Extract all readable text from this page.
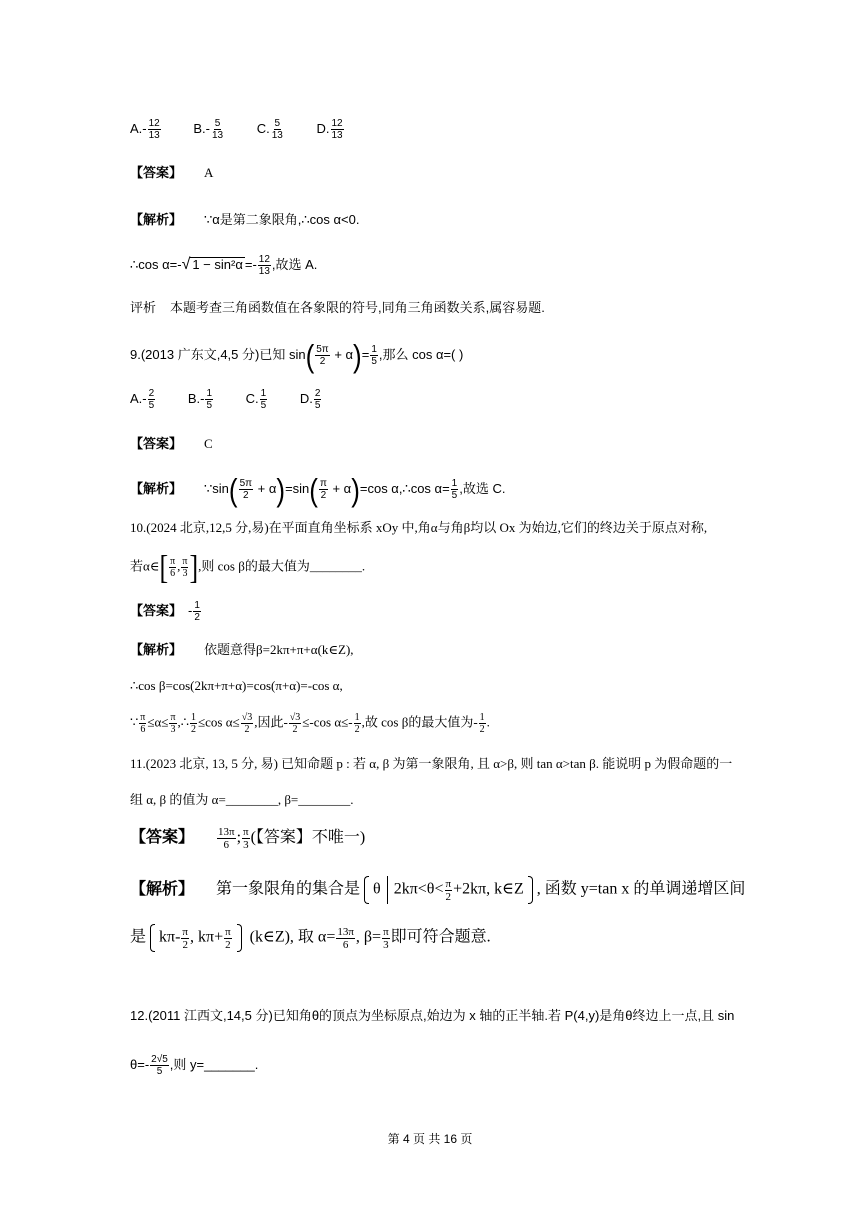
$A.- \frac{12}{13}$	$B.- \frac{5}{13}$	C. $\frac{5}{13}$	D. $\frac{12}{13}$
【答案】 A
【解析】 ∵α是第二象限角,∴cos α<0.
∴cos α=-√ $1 - \sin^2\alpha =- \frac{12}{13}$ ,故选 A.
评析 本题考查三角函数值在各象限的符号,同角三角函数关系,属容易题.
9.(2013 广东文,4,5 分)已知 $\sin( \frac{5\pi}{2} + \alpha)= \frac{1}{5}$ ,那么 cos α=( )
$A.- \frac{2}{5}$	$B.- \frac{1}{5}$	C. $\frac{1}{5}$	D. $\frac{2}{5}$
【答案】 C
【解析】 ∵sin( $\frac{5\pi}{2} + \alpha)=\sin( \frac{\pi}{2} + \alpha)=\cos$ α,∴cos $\alpha= \frac{1}{5}$ ,故选 C.
10.(2024 北京,12,5 分,易)在平面直角坐标系 xOy 中,角α与角β均以 Ox 为始边,它们的终边关于原点对称,
若α∈[ $\frac{\pi}{6}$ , $\frac{\pi}{3}$ ],则 cos β的最大值为________.
【答案】 - $\frac{1}{2}$
【解析】 依题意得β=2kπ+π+α(k∈Z),
∴cos β=cos(2kπ+π+α)=cos(π+α)=-cos α,
∵ $\frac{\pi}{6} \le\alpha\le \frac{\pi}{3}$ ,∴ $\frac{1}{2} \le\cos$ $\alpha\le \frac{√3}{2}$ ,因此- $\frac{√3}{2} \le-\cos$ $\alpha\le- \frac{1}{2}$ ,故 cos β的最大值为- $\frac{1}{2}$ .
11.(2023 北京, 13, 5 分, 易) 已知命题 p : 若 α, β 为第一象限角, 且 α>β, 则 tan α>tan β. 能说明 p 为假命题的一
组 α, β 的值为 α=________, β=________.
【答案】 $\frac{13\pi}{6}$ ; $\frac{\pi}{3}$ (【答案】不唯一)
【解析】 第一象限角的集合是 θ $2k\pi<\theta< \frac{\pi}{2} +2k\pi$, k∈Z , 函数 y=tan x 的单调递增区间
是 $k\pi- \frac{\pi}{2}$ , $k\pi+ \frac{\pi}{2}$ (k∈Z), 取 $\alpha= \frac{13\pi}{6}$ , $\beta= \frac{\pi}{3}$ 即可符合题意.
12.(2011 江西文,14,5 分)已知角θ的顶点为坐标原点,始边为 x 轴的正半轴.若 P(4,y)是角θ终边上一点,且 sin
$\theta=- \frac{2√5}{5}$ ,则 y=_______.
第 4 页 共 16 页
